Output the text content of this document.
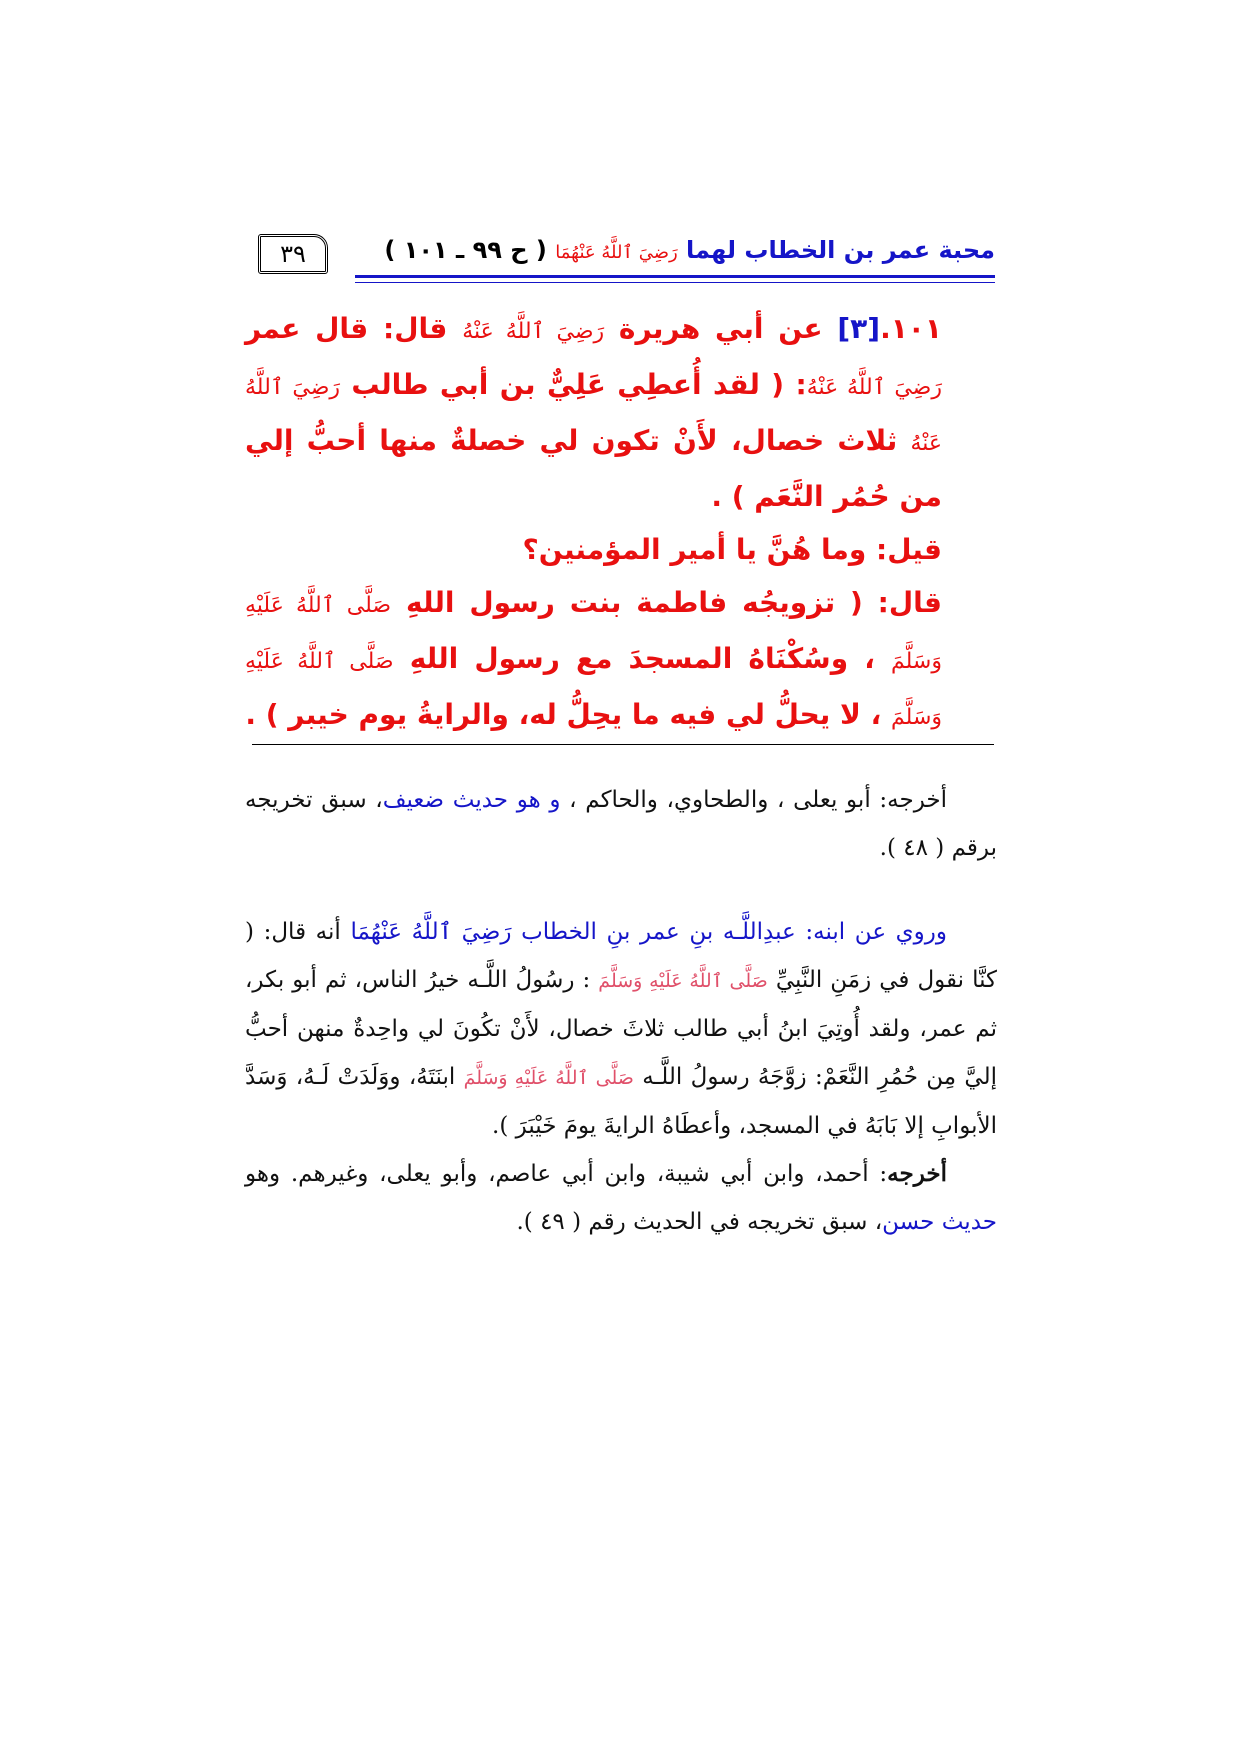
٣٩	محبة عمر بن الخطاب لهما رَضِيَ ٱللَّهُ عَنْهُمَا ( ح ٩٩ ـ ١٠١ )

١٠١.[٣] عن أبي هريرة رَضِيَ ٱللَّهُ عَنْهُ قال: قال عمر رَضِيَ ٱللَّهُ عَنْهُ: ( لقد أُعطِي عَلِيٌّ بن أبي طالب رَضِيَ ٱللَّهُ عَنْهُ ثلاث خصال، لأَنْ تكون لي خصلةٌ منها أحبُّ إلي من حُمُر النَّعَم ) .

قيل: وما هُنَّ يا أمير المؤمنين؟

قال: ( تزويجُه فاطمة بنت رسول اللهِ صَلَّى ٱللَّهُ عَلَيْهِ وَسَلَّمَ ، وسُكْنَاهُ المسجدَ مع رسول اللهِ صَلَّى ٱللَّهُ عَلَيْهِ وَسَلَّمَ ، لا يحلُّ لي فيه ما يحِلُّ له، والرايةُ يوم خيبر ) .

أخرجه: أبو يعلى ، والطحاوي، والحاكم ، و هو حديث ضعيف، سبق تخريجه برقم ( ٤٨ ).

وروي عن ابنه: عبدِاللَّـه بنِ عمر بنِ الخطاب رَضِيَ ٱللَّهُ عَنْهُمَا أنه قال: ( كنَّا نقول في زمَنِ النَّبِيِّ صَلَّى ٱللَّهُ عَلَيْهِ وَسَلَّمَ : رسُولُ اللَّـه خيرُ الناس، ثم أبو بكر، ثم عمر، ولقد أُوتِيَ ابنُ أبي طالب ثلاثَ خصال، لأَنْ تكُونَ لي واحِدةٌ منهن أحبُّ إليَّ مِن حُمُرِ النَّعَمْ: زوَّجَهُ رسولُ اللَّـه صَلَّى ٱللَّهُ عَلَيْهِ وَسَلَّمَ ابنَتَهُ، ووَلَدَتْ لَـهُ، وَسَدَّ الأبوابِ إلا بَابَهُ في المسجد، وأعطَاهُ الرايةَ يومَ خَيْبَرَ ).

أخرجه: أحمد، وابن أبي شيبة، وابن أبي عاصم، وأبو يعلى، وغيرهم. وهو حديث حسن، سبق تخريجه في الحديث رقم ( ٤٩ ).
